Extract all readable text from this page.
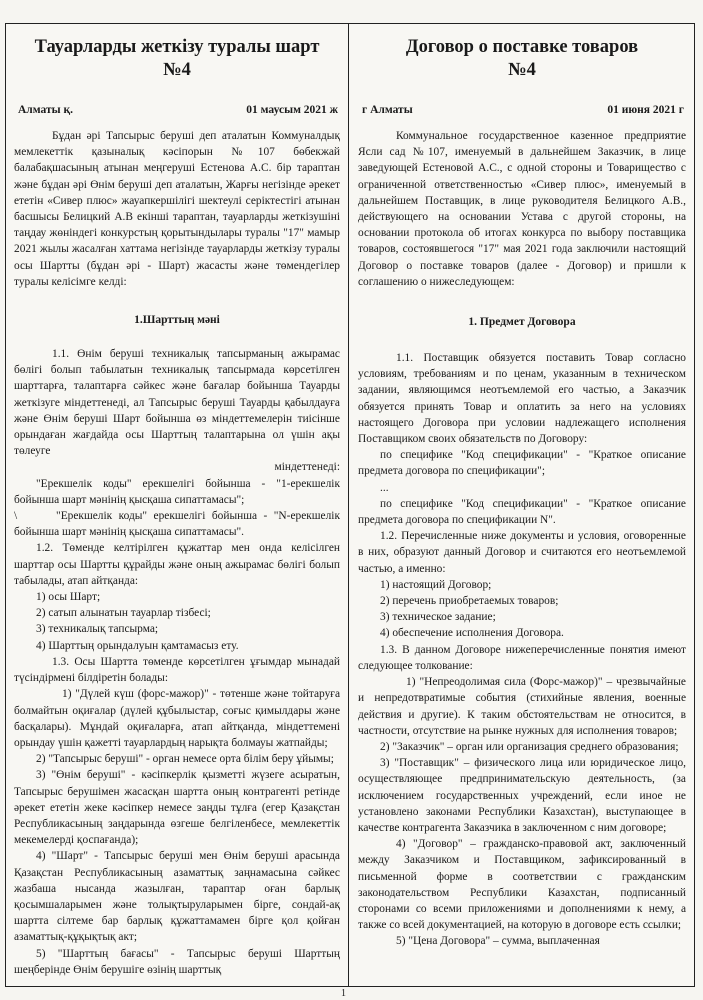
Тауарларды жеткізу туралы шарт
№4
Алматы қ.	01 маусым 2021 ж

Бұдан әрі Тапсырыс беруші деп аталатын Коммуналдық мемлекеттік қазыналық кәсіпорын №107 бөбекжай балабақшасының атынан меңгеруші Естенова А.С. бір тараптан және бұдан әрі Өнім беруші деп аталатын, Жарғы негізінде әрекет ететін «Сивер плюс» жауапкершілігі шектеулі серіктестігі атынан басшысы Белицкий А.В екінші тараптан, тауарларды жеткізушіні таңдау жөніндегі конкурстың қорытындылары туралы "17" мамыр 2021 жылы жасалған хаттама негізінде тауарларды жеткізу туралы осы Шартты (бұдан әрі - Шарт) жасасты және төмендегілер туралы келісімге келді:

1.Шарттың мәні

1.1. Өнім беруші техникалық тапсырманың ажырамас бөлігі болып табылатын техникалық тапсырмада көрсетілген шарттарға, талаптарға сәйкес және бағалар бойынша Тауарды жеткізуге міндеттенеді, ал Тапсырыс беруші Тауарды қабылдауға және Өнім беруші Шарт бойынша өз міндеттемелерін тиісінше орындаған жағдайда осы Шарттың талаптарына ол үшін ақы төлеуге

міндеттенеді:

"Ерекшелік коды" ерекшелігі бойынша - "1-ерекшелік бойынша шарт мәнінің қысқаша сипаттамасы";

\	"Ерекшелік коды" ерекшелігі бойынша - "N-ерекшелік бойынша шарт мәнінің қысқаша сипаттамасы".

1.2. Төменде келтірілген құжаттар мен онда келісілген шарттар осы Шартты құрайды және оның ажырамас бөлігі болып табылады, атап айтқанда:

1) осы Шарт;

2) сатып алынатын тауарлар тізбесі;

3) техникалық тапсырма;

4) Шарттың орындалуын қамтамасыз ету.

1.3. Осы Шартта төменде көрсетілген ұғымдар мынадай түсіндірмені білдіретін болады:

1) "Дүлей күш (форс-мажор)" - төтенше және тойтаруға болмайтын оқиғалар (дүлей құбылыстар, соғыс қимылдары және басқалары). Мұндай оқиғаларға, атап айтқанда, міндеттемені орындау үшін қажетті тауарлардың нарықта болмауы жатпайды;

2) "Тапсырыс беруші" - орган немесе орта білім беру ұйымы;

3) "Өнім беруші" - кәсіпкерлік қызметті жүзеге асыратын, Тапсырыс берушімен жасасқан шартта оның контрагенті ретінде әрекет ететін жеке кәсіпкер немесе заңды тұлға (егер Қазақстан Республикасының заңдарында өзгеше белгіленбесе, мемлекеттік мекемелерді қоспағанда);

4) "Шарт" - Тапсырыс беруші мен Өнім беруші арасында Қазақстан Республикасының азаматтық заңнамасына сәйкес жазбаша нысанда жазылған, тараптар оған барлық қосымшаларымен және толықтыруларымен бірге, сондай-ақ шартта сілтеме бар барлық құжаттамамен бірге қол қойған азаматтық-құқықтық акт;

5) "Шарттың бағасы" - Тапсырыс беруші Шарттың шеңберінде Өнім берушіге өзінің шарттық

Договор о поставке товаров
№4
г Алматы	01 июня 2021 г

Коммунальное государственное казенное предприятие Ясли сад №107, именуемый в дальнейшем Заказчик, в лице заведующей Естеновой А.С., с одной стороны и Товарищество с ограниченной ответственностью «Сивер плюс», именуемый в дальнейшем Поставщик, в лице руководителя Белицкого А.В., действующего на основании Устава с другой стороны, на основании протокола об итогах конкурса по выбору поставщика товаров, состоявшегося "17" мая 2021 года заключили настоящий Договор о поставке товаров (далее - Договор) и пришли к соглашению о нижеследующем:

1. Предмет Договора

1.1. Поставщик обязуется поставить Товар согласно условиям, требованиям и по ценам, указанным в техническом задании, являющимся неотъемлемой его частью, а Заказчик обязуется принять Товар и оплатить за него на условиях настоящего Договора при условии надлежащего исполнения Поставщиком своих обязательств по Договору:

по спецификe "Код спецификации" - "Краткое описание предмета договора по спецификации";

...

по спецификe "Код спецификации" - "Краткое описание предмета договора по спецификации N".

1.2. Перечисленные ниже документы и условия, оговоренные в них, образуют данный Договор и считаются его неотъемлемой частью, а именно:

1) настоящий Договор;

2) перечень приобретаемых товаров;

3) техническое задание;

4) обеспечение исполнения Договора.

1.3. В данном Договоре нижеперечисленные понятия имеют следующее толкование:

1) "Непреодолимая сила (Форс-мажор)" – чрезвычайные и непредотвратимые события (стихийные явления, военные действия и другие). К таким обстоятельствам не относится, в частности, отсутствие на рынке нужных для исполнения товаров;

2) "Заказчик" – орган или организация среднего образования;

3) "Поставщик" – физического лица или юридическое лицо, осуществляющее предпринимательскую деятельность, (за исключением государственных учреждений, если иное не установлено законами Республики Казахстан), выступающее в качестве контрагента Заказчика в заключенном с ним договоре;

4) "Договор" – гражданско-правовой акт, заключенный между Заказчиком и Поставщиком, зафиксированный в письменной форме в соответствии с гражданским законодательством Республики Казахстан, подписанный сторонами со всеми приложениями и дополнениями к нему, а также со всей документацией, на которую в договоре есть ссылки;

5) "Цена Договора" – сумма, выплаченная

1
